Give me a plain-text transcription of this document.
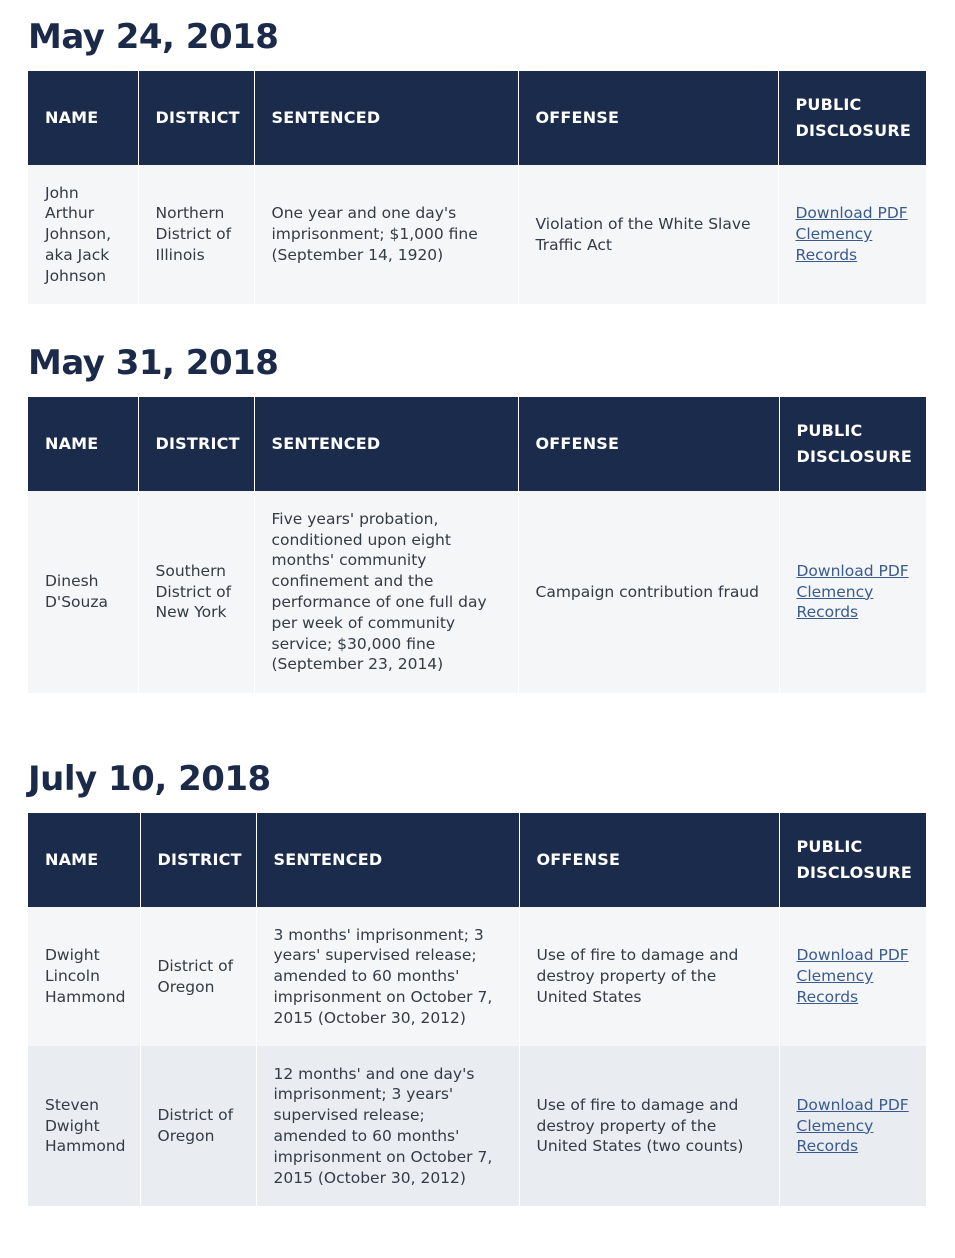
May 24, 2018
NAME	DISTRICT	SENTENCED	OFFENSE	PUBLIC DISCLOSURE
John Arthur Johnson, aka Jack Johnson	Northern District of Illinois	One year and one day's imprisonment; $1,000 fine (September 14, 1920)	Violation of the White Slave Traffic Act	Download PDF
Clemency
Records
May 31, 2018
NAME	DISTRICT	SENTENCED	OFFENSE	PUBLIC DISCLOSURE
Dinesh D'Souza	Southern District of New York	Five years' probation, conditioned upon eight months' community confinement and the performance of one full day per week of community service; $30,000 fine (September 23, 2014)	Campaign contribution fraud	Download PDF
Clemency
Records
July 10, 2018
NAME	DISTRICT	SENTENCED	OFFENSE	PUBLIC DISCLOSURE
Dwight Lincoln Hammond	District of Oregon	3 months' imprisonment; 3 years' supervised release; amended to 60 months' imprisonment on October 7, 2015 (October 30, 2012)	Use of fire to damage and destroy property of the United States	Download PDF
Clemency
Records

Steven Dwight Hammond	District of Oregon	12 months' and one day's imprisonment; 3 years' supervised release; amended to 60 months' imprisonment on October 7, 2015 (October 30, 2012)	Use of fire to damage and destroy property of the United States (two counts)	Download PDF
Clemency
Records
